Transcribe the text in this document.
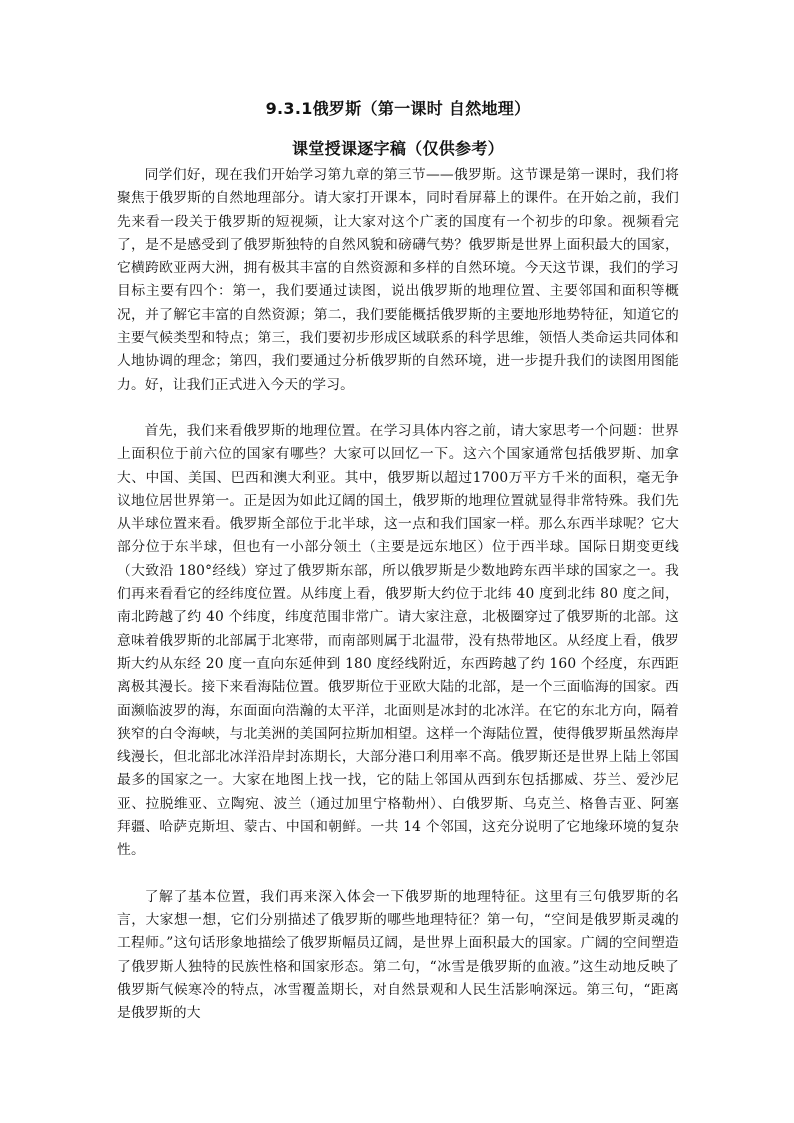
9.3.1俄罗斯（第一课时 自然地理）
课堂授课逐字稿（仅供参考）

同学们好，现在我们开始学习第九章的第三节——俄罗斯。这节课是第一课时，我们将聚焦于俄罗斯的自然地理部分。请大家打开课本，同时看屏幕上的课件。在开始之前，我们先来看一段关于俄罗斯的短视频，让大家对这个广袤的国度有一个初步的印象。视频看完了，是不是感受到了俄罗斯独特的自然风貌和磅礴气势？俄罗斯是世界上面积最大的国家，它横跨欧亚两大洲，拥有极其丰富的自然资源和多样的自然环境。今天这节课，我们的学习目标主要有四个：第一，我们要通过读图，说出俄罗斯的地理位置、主要邻国和面积等概况，并了解它丰富的自然资源；第二，我们要能概括俄罗斯的主要地形地势特征，知道它的主要气候类型和特点；第三，我们要初步形成区域联系的科学思维，领悟人类命运共同体和人地协调的理念；第四，我们要通过分析俄罗斯的自然环境，进一步提升我们的读图用图能力。好，让我们正式进入今天的学习。

首先，我们来看俄罗斯的地理位置。在学习具体内容之前，请大家思考一个问题：世界上面积位于前六位的国家有哪些？大家可以回忆一下。这六个国家通常包括俄罗斯、加拿大、中国、美国、巴西和澳大利亚。其中，俄罗斯以超过1700万平方千米的面积，毫无争议地位居世界第一。正是因为如此辽阔的国土，俄罗斯的地理位置就显得非常特殊。我们先从半球位置来看。俄罗斯全部位于北半球，这一点和我们国家一样。那么东西半球呢？它大部分位于东半球，但也有一小部分领土（主要是远东地区）位于西半球。国际日期变更线（大致沿 180°经线）穿过了俄罗斯东部，所以俄罗斯是少数地跨东西半球的国家之一。我们再来看看它的经纬度位置。从纬度上看，俄罗斯大约位于北纬 40 度到北纬 80 度之间，南北跨越了约 40 个纬度，纬度范围非常广。请大家注意，北极圈穿过了俄罗斯的北部。这意味着俄罗斯的北部属于北寒带，而南部则属于北温带，没有热带地区。从经度上看，俄罗斯大约从东经 20 度一直向东延伸到 180 度经线附近，东西跨越了约 160 个经度，东西距离极其漫长。接下来看海陆位置。俄罗斯位于亚欧大陆的北部，是一个三面临海的国家。西面濒临波罗的海，东面面向浩瀚的太平洋，北面则是冰封的北冰洋。在它的东北方向，隔着狭窄的白令海峡，与北美洲的美国阿拉斯加相望。这样一个海陆位置，使得俄罗斯虽然海岸线漫长，但北部北冰洋沿岸封冻期长，大部分港口利用率不高。俄罗斯还是世界上陆上邻国最多的国家之一。大家在地图上找一找，它的陆上邻国从西到东包括挪威、芬兰、爱沙尼亚、拉脱维亚、立陶宛、波兰（通过加里宁格勒州）、白俄罗斯、乌克兰、格鲁吉亚、阿塞拜疆、哈萨克斯坦、蒙古、中国和朝鲜。一共 14 个邻国，这充分说明了它地缘环境的复杂性。

了解了基本位置，我们再来深入体会一下俄罗斯的地理特征。这里有三句俄罗斯的名言，大家想一想，它们分别描述了俄罗斯的哪些地理特征？第一句，“空间是俄罗斯灵魂的工程师。”这句话形象地描绘了俄罗斯幅员辽阔，是世界上面积最大的国家。广阔的空间塑造了俄罗斯人独特的民族性格和国家形态。第二句，“冰雪是俄罗斯的血液。”这生动地反映了俄罗斯气候寒冷的特点，冰雪覆盖期长，对自然景观和人民生活影响深远。第三句，“距离是俄罗斯的大
